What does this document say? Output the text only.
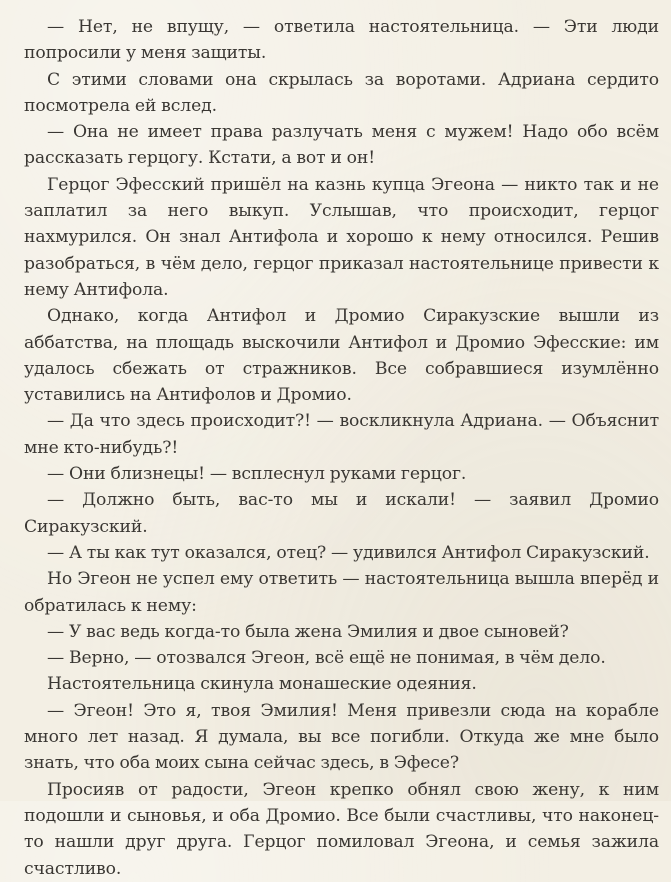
— Нет, не впущу, — ответила настоятельница. — Эти люди попросили у меня защиты.

С этими словами она скрылась за воротами. Адриана сердито посмотрела ей вслед.

— Она не имеет права разлучать меня с мужем! Надо обо всём рассказать герцогу. Кстати, а вот и он!

Герцог Эфесский пришёл на казнь купца Эгеона — никто так и не заплатил за него выкуп. Услышав, что происходит, герцог нахмурился. Он знал Антифола и хорошо к нему относился. Решив разобраться, в чём дело, герцог приказал настоятельнице привести к нему Антифола.

Однако, когда Антифол и Дромио Сиракузские вышли из аббатства, на площадь выскочили Антифол и Дромио Эфесские: им удалось сбежать от стражников. Все собравшиеся изумлённо уставились на Антифолов и Дромио.

— Да что здесь происходит?! — воскликнула Адриана. — Объяснит мне кто-нибудь?!

— Они близнецы! — всплеснул руками герцог.

— Должно быть, вас-то мы и искали! — заявил Дромио Сиракузский.

— А ты как тут оказался, отец? — удивился Антифол Сиракузский.

Но Эгеон не успел ему ответить — настоятельница вышла вперёд и обратилась к нему:

— У вас ведь когда-то была жена Эмилия и двое сыновей?

— Верно, — отозвался Эгеон, всё ещё не понимая, в чём дело.

Настоятельница скинула монашеские одеяния.

— Эгеон! Это я, твоя Эмилия! Меня привезли сюда на корабле много лет назад. Я думала, вы все погибли. Откуда же мне было знать, что оба моих сына сейчас здесь, в Эфесе?

Просияв от радости, Эгеон крепко обнял свою жену, к ним подошли и сыновья, и оба Дромио. Все были счастливы, что наконец-то нашли друг друга. Герцог помиловал Эгеона, и семья зажила счастливо.
